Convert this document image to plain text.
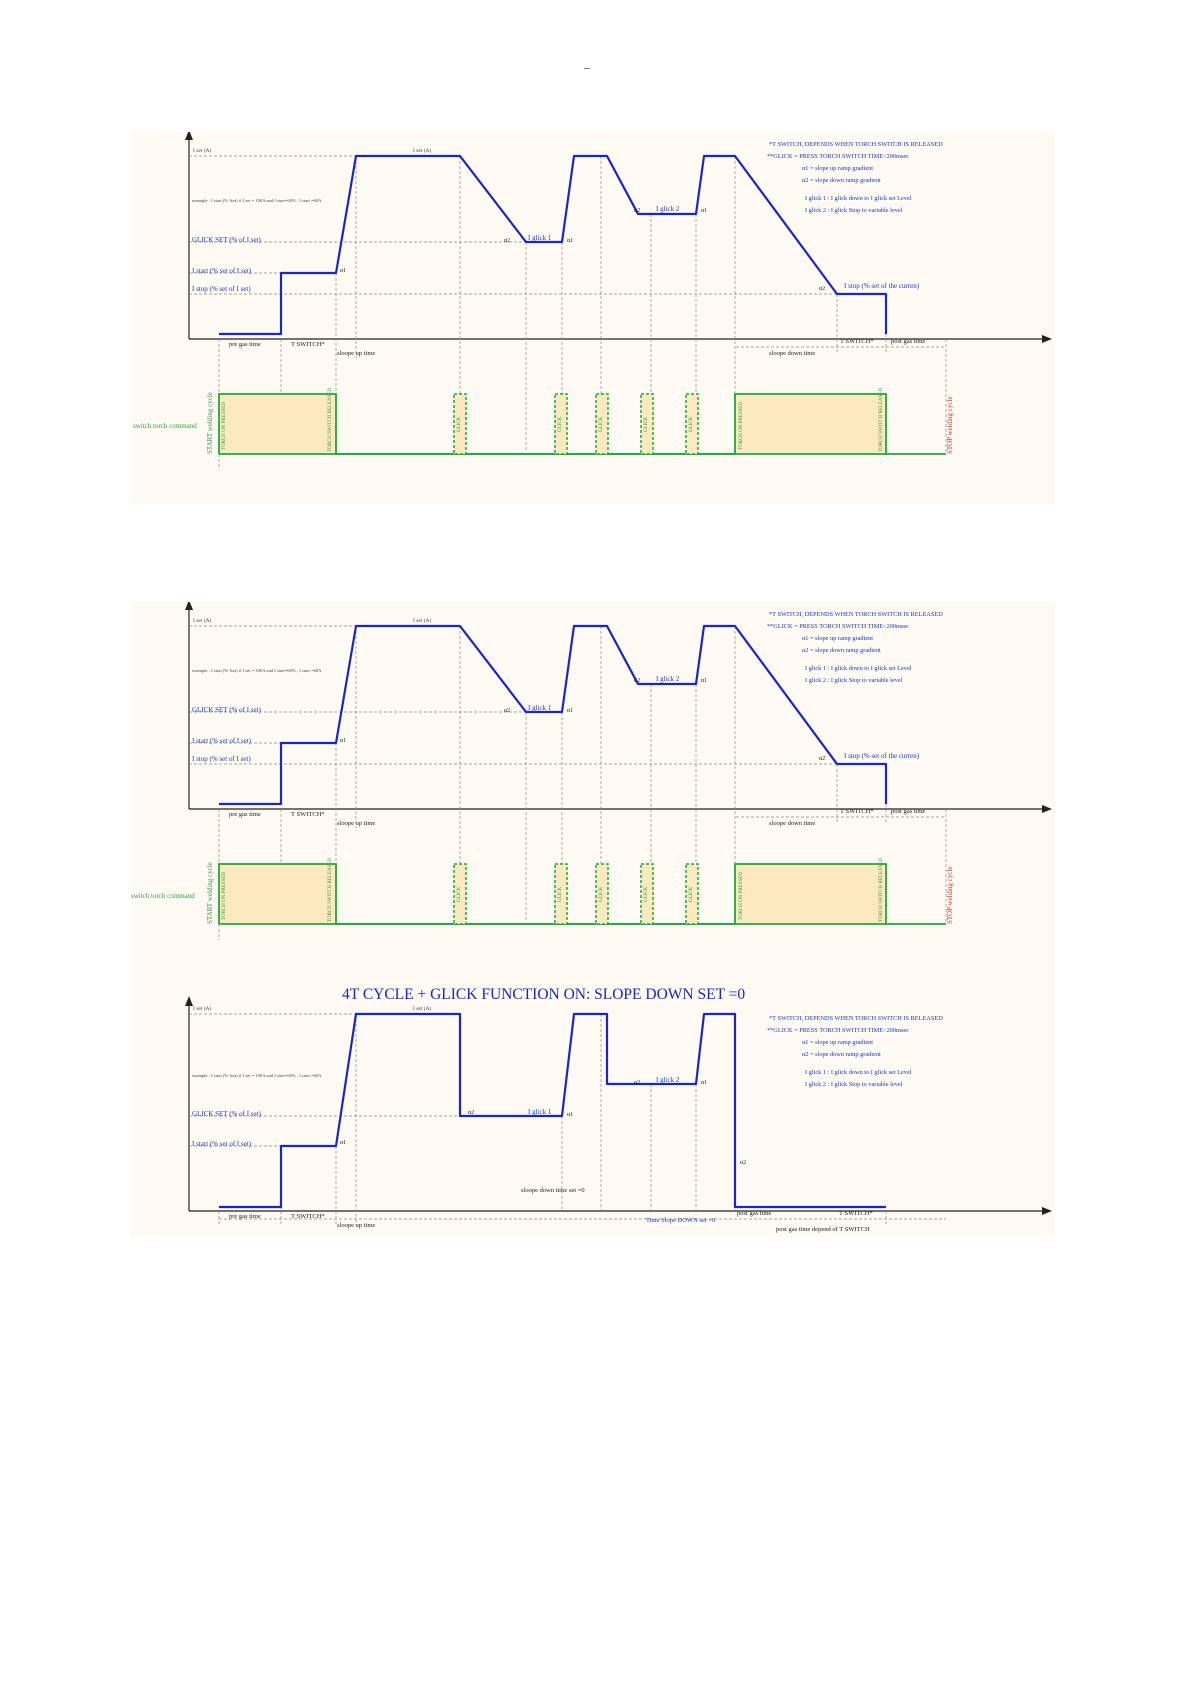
–
I set (A)	I set (A)
example : I start (% Iset) if I set = 100A and I start=60% , I start =60A
GLICK SET (% of I set)
I start (% set of I set)
I stop (% set of I set)
I glick 1
I glick 2
I stop (% set of the curren)
α1
α2	α1
α2	α1
α2
*T SWITCH, DEPENDS WHEN TORCH SWITCH IS RELEASED
**GLICK = PRESS TORCH SWITCH TIME<200msec
α1 = slope up ramp gradient
α2 = slope down ramp gradient
I glick 1 : I glick down to I glick set Level
I glick 2 : I glick Stop to variable level
pre gas time	T SWITCH*
sloope up time	sloope down time
T SWITCH*	post gas time
GLICK	GLICK	GLICK	GLICK	GLICK
TORCH ON PRESSED	TORCH SWITCH RELEASED	TORCH ON PRESSED	TORCH SWITCH RELEASED
switch torch command START welding cycle	STOP welding cycle
I set (A)	I set (A)
example : I start (% Iset) if I set = 100A and I start=60% , I start =60A
GLICK SET (% of I set)
I start (% set of I set)
I stop (% set of I set)
I glick 1
I glick 2
I stop (% set of the curren)
α1
α2	α1
α2	α1
α2
*T SWITCH, DEPENDS WHEN TORCH SWITCH IS RELEASED
**GLICK = PRESS TORCH SWITCH TIME<200msec
α1 = slope up ramp gradient
α2 = slope down ramp gradient
I glick 1 : I glick down to I glick set Level
I glick 2 : I glick Stop to variable level
pre gas time	T SWITCH*
sloope up time	sloope down time
T SWITCH*	post gas time
GLICK	GLICK	GLICK	GLICK	GLICK
TORCH ON PRESSED	TORCH SWITCH RELEASED	TORCH ON PRESSED	TORCH SWITCH RELEASED
switch torch command START welding cycle	STOP welding cycle
4T CYCLE + GLICK FUNCTION ON: SLOPE DOWN SET =0
I set (A)	I set (A)
example : I start (% Iset) if I set = 100A and I start=60% , I start =60A
GLICK SET (% of I set)
I start (% set of I set)
I glick 1
I glick 2
α1
α2	α1
α2	α1
α2
*T SWITCH, DEPENDS WHEN TORCH SWITCH IS RELEASED
**GLICK = PRESS TORCH SWITCH TIME<200msec
α1 = slope up ramp gradient
α2 = slope down ramp gradient
I glick 1 : I glick down to I glick set Level
I glick 2 : I glick Stop to variable level
sloope down time set =0
pre gas time	T SWITCH*
sloope up time
post gas time	T SWITCH*
post gas time depend of T SWITCH
Time Slope DOWN set =0
